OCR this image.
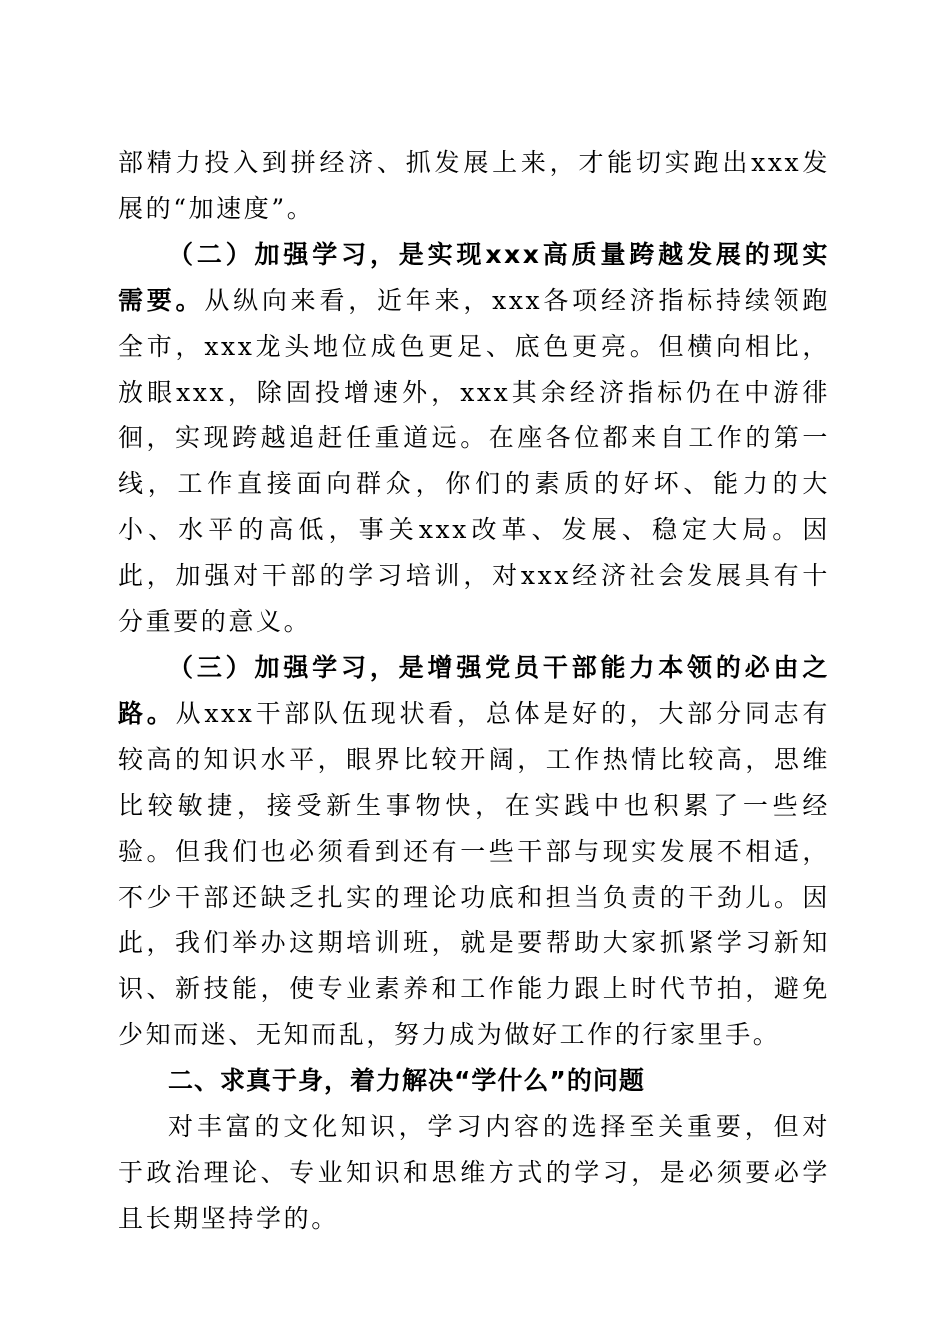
部精力投入到拼经济、抓发展上来，才能切实跑出xxx发展的“加速度”。

（二）加强学习，是实现xxx高质量跨越发展的现实需要。从纵向来看，近年来，xxx各项经济指标持续领跑全市，xxx龙头地位成色更足、底色更亮。但横向相比，放眼xxx，除固投增速外，xxx其余经济指标仍在中游徘徊，实现跨越追赶任重道远。在座各位都来自工作的第一线，工作直接面向群众，你们的素质的好坏、能力的大小、水平的高低，事关xxx改革、发展、稳定大局。因此，加强对干部的学习培训，对xxx经济社会发展具有十分重要的意义。

（三）加强学习，是增强党员干部能力本领的必由之路。从xxx干部队伍现状看，总体是好的，大部分同志有较高的知识水平，眼界比较开阔，工作热情比较高，思维比较敏捷，接受新生事物快，在实践中也积累了一些经验。但我们也必须看到还有一些干部与现实发展不相适，不少干部还缺乏扎实的理论功底和担当负责的干劲儿。因此，我们举办这期培训班，就是要帮助大家抓紧学习新知识、新技能，使专业素养和工作能力跟上时代节拍，避免少知而迷、无知而乱，努力成为做好工作的行家里手。

二、求真于身，着力解决“学什么”的问题

对丰富的文化知识，学习内容的选择至关重要，但对于政治理论、专业知识和思维方式的学习，是必须要必学且长期坚持学的。
